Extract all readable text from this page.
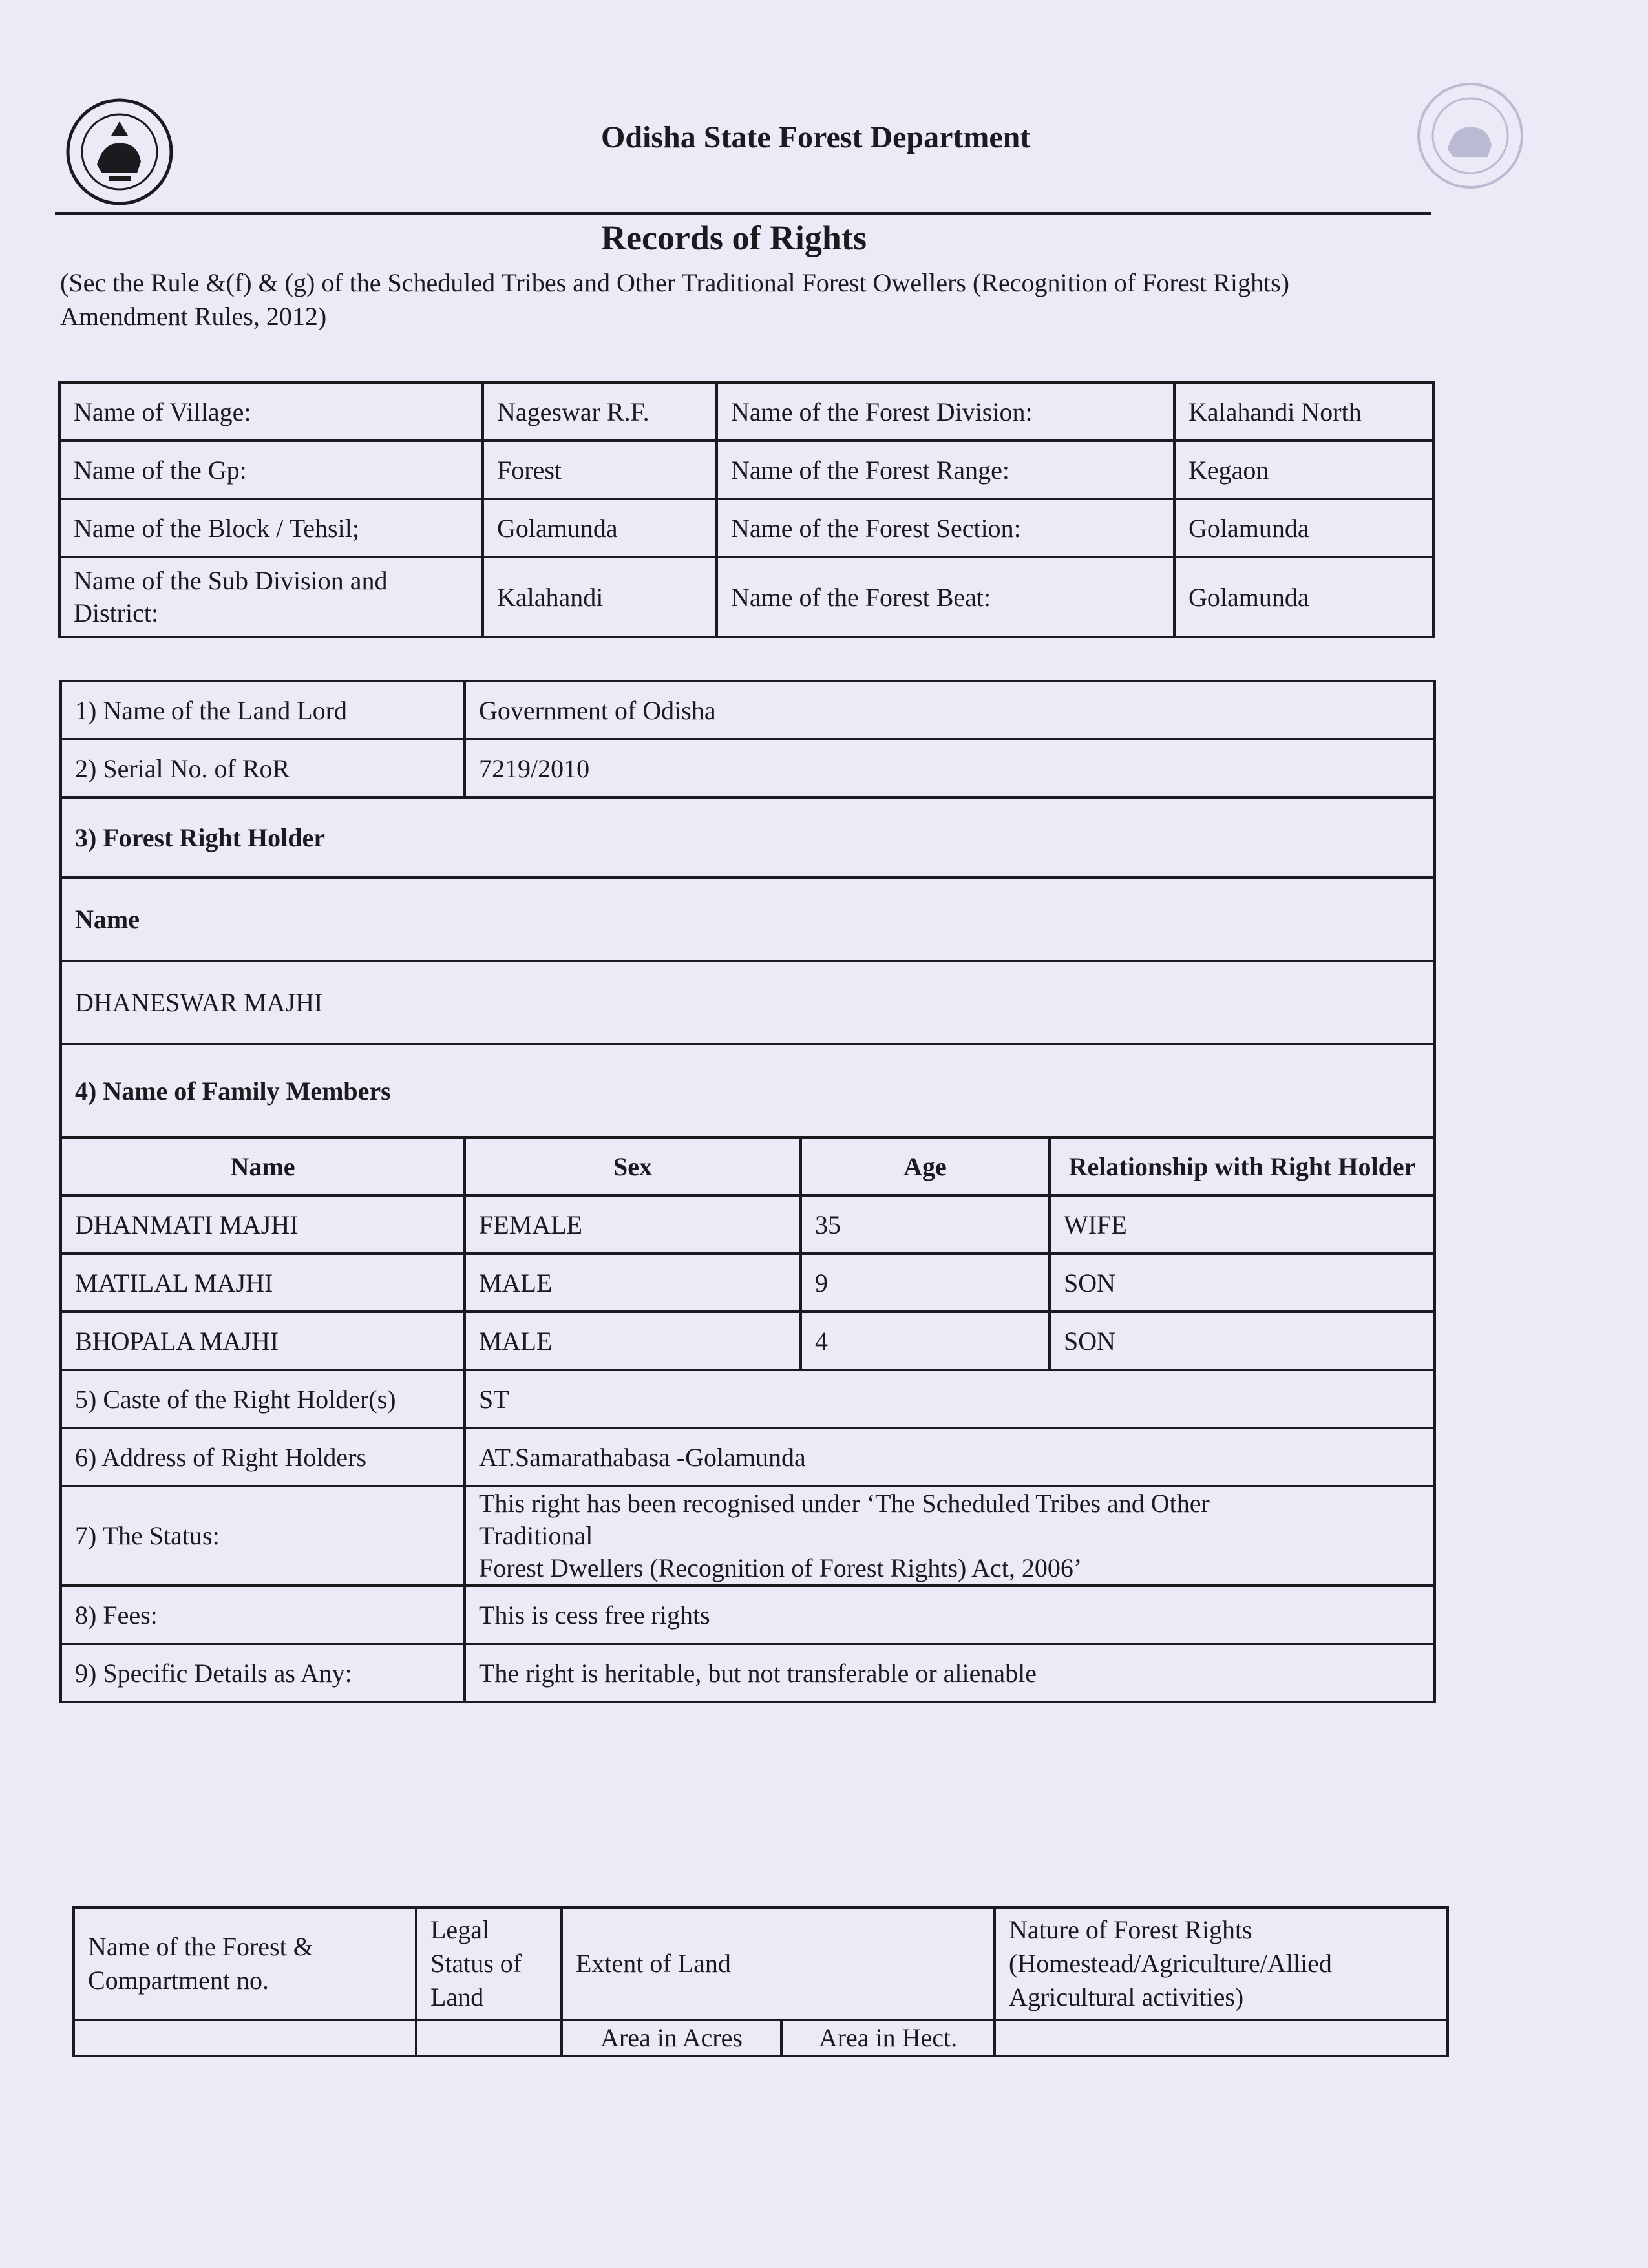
Odisha State Forest Department
Records of Rights
(Sec the Rule &(f) & (g) of the Scheduled Tribes and Other Traditional Forest Owellers (Recognition of Forest Rights) Amendment Rules, 2012)
Name of Village:	Nageswar R.F.	Name of the Forest Division:	Kalahandi North
Name of the Gp:	Forest	Name of the Forest Range:	Kegaon
Name of the Block / Tehsil;	Golamunda	Name of the Forest Section:	Golamunda
Name of the Sub Division and District:	Kalahandi	Name of the Forest Beat:	Golamunda
1) Name of the Land Lord	Government of Odisha		
2) Serial No. of RoR	7219/2010		
3) Forest Right Holder			
Name			
DHANESWAR MAJHI			
4) Name of Family Members			
Name	Sex	Age	Relationship with Right Holder
DHANMATI MAJHI	FEMALE	35	WIFE
MATILAL MAJHI	MALE	9	SON
BHOPALA MAJHI	MALE	4	SON
5) Caste of the Right Holder(s)	ST		
6) Address of Right Holders	AT.Samarathabasa -Golamunda		
7) The Status:	This right has been recognised under ‘The Scheduled Tribes and Other
Traditional
Forest Dwellers (Recognition of Forest Rights) Act, 2006’		

8) Fees:	This is cess free rights		
9) Specific Details as Any:	The right is heritable, but not transferable or alienable		
Name of the Forest & Compartment no.	Legal Status of Land	Extent of Land		Nature of Forest Rights (Homestead/Agriculture/Allied Agricultural activities)
		Area in Acres	Area in Hect.	
